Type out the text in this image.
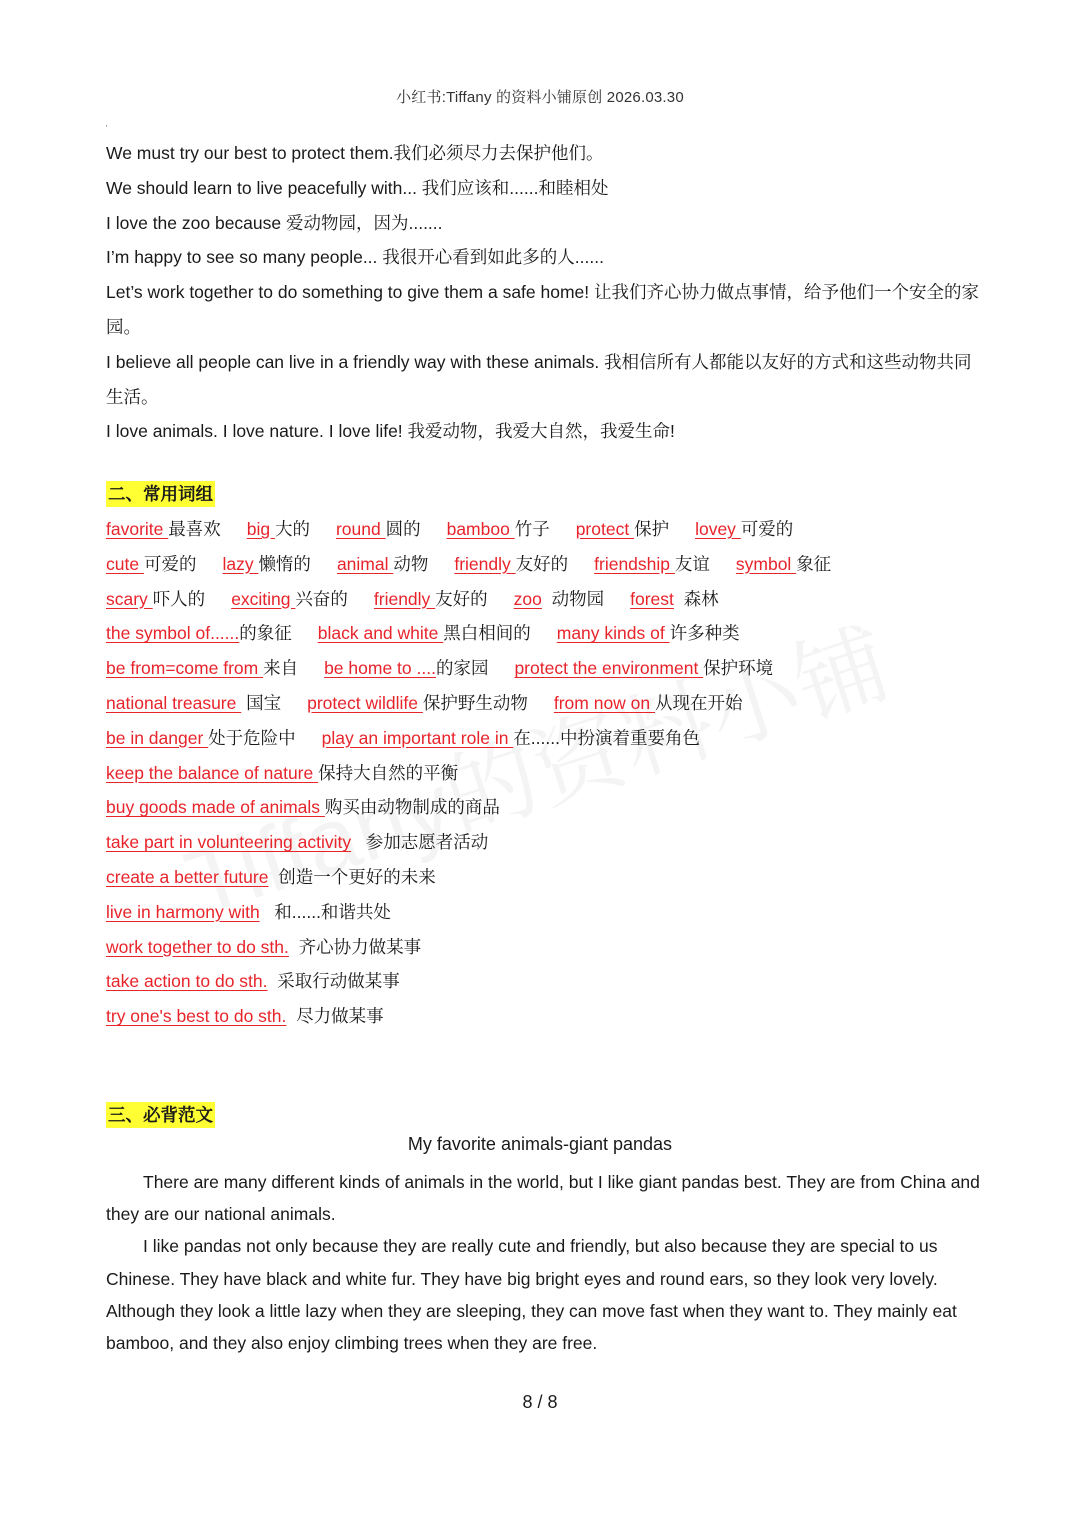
小红书:Tiffany 的资料小铺原创 2026.03.30
'

We must try our best to protect them.我们必须尽力去保护他们。

We should learn to live peacefully with... 我们应该和......和睦相处

I love the zoo because 爱动物园，因为.......

I’m happy to see so many people... 我很开心看到如此多的人......

Let’s work together to do something to give them a safe home! 让我们齐心协力做点事情，给予他们一个安全的家园。

I believe all people can live in a friendly way with these animals. 我相信所有人都能以友好的方式和这些动物共同生活。

I love animals. I love nature. I love life! 我爱动物，我爱大自然，我爱生命!

二、常用词组
favorite 最喜欢 big 大的 round 圆的 bamboo 竹子 protect 保护 lovey 可爱的
cute 可爱的 lazy 懒惰的 animal 动物 friendly 友好的 friendship 友谊 symbol 象征
scary 吓人的 exciting 兴奋的 friendly 友好的 zoo  动物园 forest  森林
the symbol of......的象征 black and white 黑白相间的 many kinds of 许多种类
be from=come from 来自 be home to ....的家园 protect the environment 保护环境
national treasure  国宝 protect wildlife 保护野生动物 from now on 从现在开始
be in danger 处于危险中 play an important role in 在......中扮演着重要角色
keep the balance of nature 保持大自然的平衡
buy goods made of animals 购买由动物制成的商品
take part in volunteering activity   参加志愿者活动
create a better future  创造一个更好的未来
live in harmony with   和......和谐共处
work together to do sth.  齐心协力做某事
take action to do sth.  采取行动做某事
try one's best to do sth.  尽力做某事
三、必背范文
My favorite animals-giant pandas

There are many different kinds of animals in the world, but I like giant pandas best. They are from China and they are our national animals.

I like pandas not only because they are really cute and friendly, but also because they are special to us Chinese. They have black and white fur. They have big bright eyes and round ears, so they look very lovely. Although they look a little lazy when they are sleeping, they can move fast when they want to. They mainly eat bamboo, and they also enjoy climbing trees when they are free.

8 / 8
